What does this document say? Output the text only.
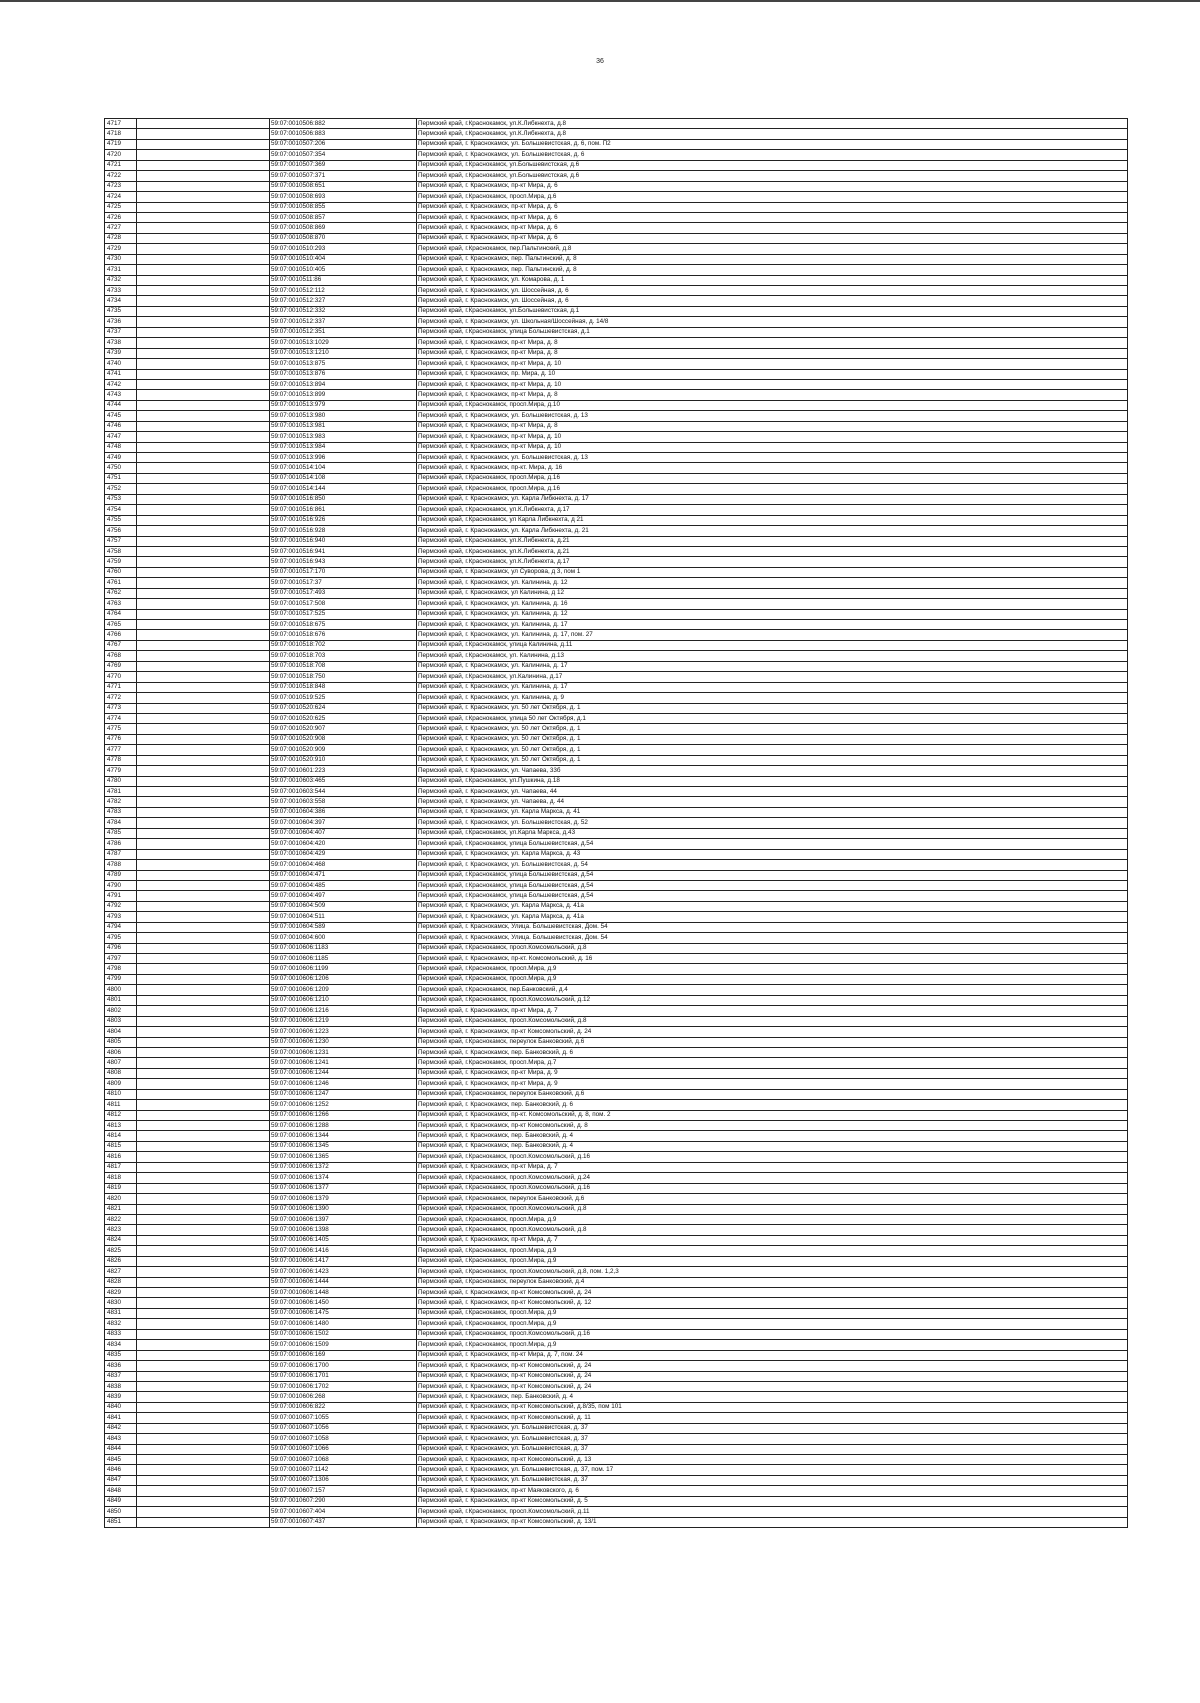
36
4717		59:07:0010506:882	Пермский край, г.Краснокамск, ул.К.Либкнехта, д.8
4718		59:07:0010506:883	Пермский край, г.Краснокамск, ул.К.Либкнехта, д.8
4719		59:07:0010507:206	Пермский край, г. Краснокамск, ул. Большевистская, д. 6, пом. П2
4720		59:07:0010507:354	Пермский край, г. Краснокамск, ул. Большевистская, д. 6
4721		59:07:0010507:369	Пермский край, г.Краснокамск, ул.Большевистская, д.6
4722		59:07:0010507:371	Пермский край, г.Краснокамск, ул.Большевистская, д.6
4723		59:07:0010508:651	Пермский край, г. Краснокамск, пр-кт Мира, д. 6
4724		59:07:0010508:693	Пермский край, г.Краснокамск, просп.Мира, д.6
4725		59:07:0010508:855	Пермский край, г. Краснокамск, пр-кт Мира, д. 6
4726		59:07:0010508:857	Пермский край, г. Краснокамск, пр-кт Мира, д. 6
4727		59:07:0010508:869	Пермский край, г. Краснокамск, пр-кт Мира, д. 6
4728		59:07:0010508:870	Пермский край, г. Краснокамск, пр-кт Мира, д. 6
4729		59:07:0010510:293	Пермский край, г.Краснокамск, пер.Пальтинский, д.8
4730		59:07:0010510:404	Пермский край, г. Краснокамск, пер. Пальтинский, д. 8
4731		59:07:0010510:405	Пермский край, г. Краснокамск, пер. Пальтинский, д. 8
4732		59:07:0010511:86	Пермский край, г. Краснокамск, ул. Комарова, д. 1
4733		59:07:0010512:112	Пермский край, г. Краснокамск, ул. Шоссейная, д. 6
4734		59:07:0010512:327	Пермский край, г. Краснокамск, ул. Шоссейная, д. 6
4735		59:07:0010512:332	Пермский край, г.Краснокамск, ул.Большевистская, д.1
4736		59:07:0010512:337	Пермский край, г. Краснокамск, ул. Школьная/Шоссейная, д. 14/8
4737		59:07:0010512:351	Пермский край, г.Краснокамск, улица Большевистская, д.1
4738		59:07:0010513:1029	Пермский край, г. Краснокамск, пр-кт Мира, д. 8
4739		59:07:0010513:1210	Пермский край, г. Краснокамск, пр-кт Мира, д. 8
4740		59:07:0010513:875	Пермский край, г. Краснокамск, пр-кт Мира, д. 10
4741		59:07:0010513:876	Пермский край, г. Краснокамск, пр. Мира, д. 10
4742		59:07:0010513:894	Пермский край, г. Краснокамск, пр-кт Мира, д. 10
4743		59:07:0010513:899	Пермский край, г. Краснокамск, пр-кт Мира, д. 8
4744		59:07:0010513:979	Пермский край, г.Краснокамск, просп.Мира, д.10
4745		59:07:0010513:980	Пермский край, г. Краснокамск, ул. Большевистская, д. 13
4746		59:07:0010513:981	Пермский край, г. Краснокамск, пр-кт Мира, д. 8
4747		59:07:0010513:983	Пермский край, г. Краснокамск, пр-кт Мира, д. 10
4748		59:07:0010513:984	Пермский край, г. Краснокамск, пр-кт Мира, д. 10
4749		59:07:0010513:996	Пермский край, г. Краснокамск, ул. Большевистская, д. 13
4750		59:07:0010514:104	Пермский край, г. Краснокамск, пр-кт. Мира, д. 16
4751		59:07:0010514:108	Пермский край, г.Краснокамск, просп.Мира, д.16
4752		59:07:0010514:144	Пермский край, г.Краснокамск, просп.Мира, д.16
4753		59:07:0010516:850	Пермский край, г. Краснокамск, ул. Карла Либкнехта, д. 17
4754		59:07:0010516:861	Пермский край, г.Краснокамск, ул.К.Либкнехта, д.17
4755		59:07:0010516:926	Пермский край, г.Краснокамск, ул Карла Либкнехта, д 21
4756		59:07:0010516:928	Пермский край, г. Краснокамск, ул. Карла Либкнехта, д. 21
4757		59:07:0010516:940	Пермский край, г.Краснокамск, ул.К.Либкнехта, д.21
4758		59:07:0010516:941	Пермский край, г.Краснокамск, ул.К.Либкнехта, д.21
4759		59:07:0010516:943	Пермский край, г.Краснокамск, ул.К.Либкнехта, д.17
4760		59:07:0010517:170	Пермский край, г. Краснокамск, ул Суворова, д 3, пом 1
4761		59:07:0010517:37	Пермский край, г. Краснокамск, ул. Калинина, д. 12
4762		59:07:0010517:493	Пермский край, г. Краснокамск, ул Калинина, д 12
4763		59:07:0010517:508	Пермский край, г. Краснокамск, ул. Калинина, д. 16
4764		59:07:0010517:525	Пермский край, г. Краснокамск, ул. Калинина, д. 12
4765		59:07:0010518:675	Пермский край, г. Краснокамск, ул. Калинина, д. 17
4766		59:07:0010518:676	Пермский край, г. Краснокамск, ул. Калинина, д. 17, пом. 27
4767		59:07:0010518:702	Пермский край, г.Краснокамск, улица Калинина, д.11
4768		59:07:0010518:703	Пермский край, г.Краснокамск, ул. Калинина, д.13
4769		59:07:0010518:708	Пермский край, г. Краснокамск, ул. Калинина, д. 17
4770		59:07:0010518:750	Пермский край, г.Краснокамск, ул.Калинина, д.17
4771		59:07:0010518:848	Пермский край, г. Краснокамск, ул. Калинина, д. 17
4772		59:07:0010519:525	Пермский край, г. Краснокамск, ул. Калинина, д. 9
4773		59:07:0010520:624	Пермский край, г. Краснокамск, ул. 50 лет Октября, д. 1
4774		59:07:0010520:625	Пермский край, г.Краснокамск, улица 50 лет Октября, д.1
4775		59:07:0010520:907	Пермский край, г. Краснокамск, ул. 50 лет Октября, д. 1
4776		59:07:0010520:908	Пермский край, г. Краснокамск, ул. 50 лет Октября, д. 1
4777		59:07:0010520:909	Пермский край, г. Краснокамск, ул. 50 лет Октября, д. 1
4778		59:07:0010520:910	Пермский край, г. Краснокамск, ул. 50 лет Октября, д. 1
4779		59:07:0010601:223	Пермский край, г. Краснокамск, ул. Чапаева, 33б
4780		59:07:0010603:465	Пермский край, г.Краснокамск, ул.Пушкина, д.18
4781		59:07:0010603:544	Пермский край, г. Краснокамск, ул. Чапаева, 44
4782		59:07:0010603:558	Пермский край, г. Краснокамск, ул. Чапаева, д. 44
4783		59:07:0010604:386	Пермский край, г. Краснокамск, ул. Карла Маркса, д. 41
4784		59:07:0010604:397	Пермский край, г. Краснокамск, ул. Большевистская, д. 52
4785		59:07:0010604:407	Пермский край, г.Краснокамск, ул.Карла Маркса, д.43
4786		59:07:0010604:420	Пермский край, г.Краснокамск, улица Большевистская, д.54
4787		59:07:0010604:429	Пермский край, г. Краснокамск, ул. Карла Маркса, д. 43
4788		59:07:0010604:468	Пермский край, г. Краснокамск, ул. Большевистская, д. 54
4789		59:07:0010604:471	Пермский край, г.Краснокамск, улица Большевистская, д.54
4790		59:07:0010604:485	Пермский край, г.Краснокамск, улица Большевистская, д.54
4791		59:07:0010604:497	Пермский край, г.Краснокамск, улица Большевистская, д.54
4792		59:07:0010604:509	Пермский край, г. Краснокамск, ул. Карла Маркса, д. 41а
4793		59:07:0010604:511	Пермский край, г. Краснокамск, ул. Карла Маркса, д. 41а
4794		59:07:0010604:589	Пермский край, г. Краснокамск, Улица. Большевистская, Дом. 54
4795		59:07:0010604:600	Пермский край, г. Краснокамск, Улица. Большевистская, Дом. 54
4796		59:07:0010606:1183	Пермский край, г.Краснокамск, просп.Комсомольский, д.8
4797		59:07:0010606:1185	Пермский край, г. Краснокамск, пр-кт. Комсомольский, д. 16
4798		59:07:0010606:1199	Пермский край, г.Краснокамск, просп.Мира, д.9
4799		59:07:0010606:1206	Пермский край, г.Краснокамск, просп.Мира, д.9
4800		59:07:0010606:1209	Пермский край, г.Краснокамск, пер.Банковский, д.4
4801		59:07:0010606:1210	Пермский край, г.Краснокамск, просп.Комсомольский, д.12
4802		59:07:0010606:1216	Пермский край, г. Краснокамск, пр-кт Мира, д. 7
4803		59:07:0010606:1219	Пермский край, г.Краснокамск, просп.Комсомольский, д.8
4804		59:07:0010606:1223	Пермский край, г. Краснокамск, пр-кт Комсомольский, д. 24
4805		59:07:0010606:1230	Пермский край, г.Краснокамск, переулок Банковский, д.6
4806		59:07:0010606:1231	Пермский край, г. Краснокамск, пер. Банковский, д. 6
4807		59:07:0010606:1241	Пермский край, г.Краснокамск, просп.Мира, д.7
4808		59:07:0010606:1244	Пермский край, г. Краснокамск, пр-кт Мира, д. 9
4809		59:07:0010606:1246	Пермский край, г. Краснокамск, пр-кт Мира, д. 9
4810		59:07:0010606:1247	Пермский край, г.Краснокамск, переулок Банковский, д.6
4811		59:07:0010606:1252	Пермский край, г. Краснокамск, пер. Банковский, д. 6
4812		59:07:0010606:1266	Пермский край, г. Краснокамск, пр-кт. Комсомольский, д. 8, пом. 2
4813		59:07:0010606:1288	Пермский край, г. Краснокамск, пр-кт Комсомольский, д. 8
4814		59:07:0010606:1344	Пермский край, г. Краснокамск, пер. Банковский, д. 4
4815		59:07:0010606:1345	Пермский край, г. Краснокамск, пер. Банковский, д. 4
4816		59:07:0010606:1365	Пермский край, г.Краснокамск, просп.Комсомольский, д.16
4817		59:07:0010606:1372	Пермский край, г. Краснокамск, пр-кт Мира, д. 7
4818		59:07:0010606:1374	Пермский край, г.Краснокамск, просп.Комсомольский, д.24
4819		59:07:0010606:1377	Пермский край, г.Краснокамск, просп.Комсомольский, д.16
4820		59:07:0010606:1379	Пермский край, г.Краснокамск, переулок Банковский, д.6
4821		59:07:0010606:1390	Пермский край, г.Краснокамск, просп.Комсомольский, д.8
4822		59:07:0010606:1397	Пермский край, г.Краснокамск, просп.Мира, д.9
4823		59:07:0010606:1398	Пермский край, г.Краснокамск, просп.Комсомольский, д.8
4824		59:07:0010606:1405	Пермский край, г. Краснокамск, пр-кт Мира, д. 7
4825		59:07:0010606:1416	Пермский край, г.Краснокамск, просп.Мира, д.9
4826		59:07:0010606:1417	Пермский край, г.Краснокамск, просп.Мира, д.9
4827		59:07:0010606:1423	Пермский край, г.Краснокамск, просп.Комсомольский, д.8, пом. 1,2,3
4828		59:07:0010606:1444	Пермский край, г.Краснокамск, переулок Банковский, д.4
4829		59:07:0010606:1448	Пермский край, г. Краснокамск, пр-кт Комсомольский, д. 24
4830		59:07:0010606:1450	Пермский край, г. Краснокамск, пр-кт Комсомольский, д. 12
4831		59:07:0010606:1475	Пермский край, г.Краснокамск, просп.Мира, д.9
4832		59:07:0010606:1480	Пермский край, г.Краснокамск, просп.Мира, д.9
4833		59:07:0010606:1502	Пермский край, г.Краснокамск, просп.Комсомольский, д.16
4834		59:07:0010606:1509	Пермский край, г.Краснокамск, просп.Мира, д.9
4835		59:07:0010606:169	Пермский край, г. Краснокамск, пр-кт Мира, д. 7, пом. 24
4836		59:07:0010606:1700	Пермский край, г. Краснокамск, пр-кт Комсомольский, д. 24
4837		59:07:0010606:1701	Пермский край, г. Краснокамск, пр-кт Комсомольский, д. 24
4838		59:07:0010606:1702	Пермский край, г. Краснокамск, пр-кт Комсомольский, д. 24
4839		59:07:0010606:268	Пермский край, г. Краснокамск, пер. Банковский, д. 4
4840		59:07:0010606:822	Пермский край, г. Краснокамск, пр-кт Комсомольский, д.8/35, пом 101
4841		59:07:0010607:1055	Пермский край, г. Краснокамск, пр-кт Комсомольский, д. 11
4842		59:07:0010607:1056	Пермский край, г. Краснокамск, ул. Большевистская, д. 37
4843		59:07:0010607:1058	Пермский край, г. Краснокамск, ул. Большевистская, д. 37
4844		59:07:0010607:1066	Пермский край, г. Краснокамск, ул. Большевистская, д. 37
4845		59:07:0010607:1068	Пермский край, г. Краснокамск, пр-кт Комсомольский, д. 13
4846		59:07:0010607:1142	Пермский край, г. Краснокамск, ул. Большевистская, д. 37, пом. 17
4847		59:07:0010607:1306	Пермский край, г. Краснокамск, ул. Большевистская, д. 37
4848		59:07:0010607:157	Пермский край, г. Краснокамск, пр-кт Маяковского, д. 6
4849		59:07:0010607:290	Пермский край, г. Краснокамск, пр-кт Комсомольский, д. 5
4850		59:07:0010607:404	Пермский край, г.Краснокамск, просп.Комсомольский, д.11
4851		59:07:0010607:437	Пермский край, г. Краснокамск, пр-кт Комсомольский, д. 13/1
